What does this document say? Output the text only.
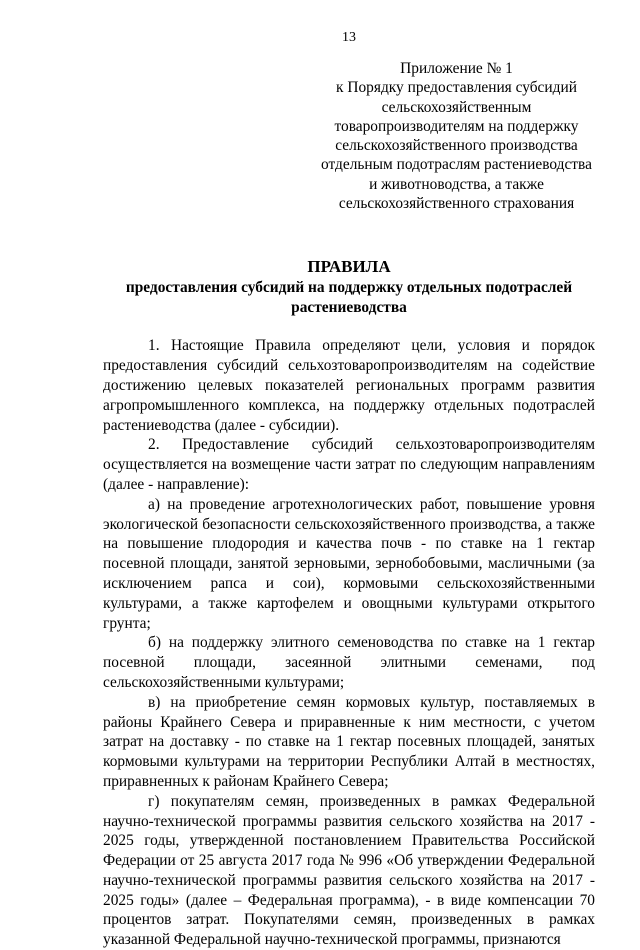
13
Приложение № 1
к Порядку предоставления субсидий
сельскохозяйственным
товаропроизводителям на поддержку
сельскохозяйственного производства
отдельным подотраслям растениеводства
и животноводства, а также
сельскохозяйственного страхования
ПРАВИЛА
предоставления субсидий на поддержку отдельных подотраслей растениеводства

1. Настоящие Правила определяют цели, условия и порядок предоставления субсидий сельхозтоваропроизводителям на содействие достижению целевых показателей региональных программ развития агропромышленного комплекса, на поддержку отдельных подотраслей растениеводства (далее - субсидии).

2. Предоставление субсидий сельхозтоваропроизводителям осуществляется на возмещение части затрат по следующим направлениям (далее - направление):

а) на проведение агротехнологических работ, повышение уровня экологической безопасности сельскохозяйственного производства, а также на повышение плодородия и качества почв - по ставке на 1 гектар посевной площади, занятой зерновыми, зернобобовыми, масличными (за исключением рапса и сои), кормовыми сельскохозяйственными культурами, а также картофелем и овощными культурами открытого грунта;

б) на поддержку элитного семеноводства по ставке на 1 гектар посевной площади, засеянной элитными семенами, под сельскохозяйственными культурами;

в) на приобретение семян кормовых культур, поставляемых в районы Крайнего Севера и приравненные к ним местности, с учетом затрат на доставку - по ставке на 1 гектар посевных площадей, занятых кормовыми культурами на территории Республики Алтай в местностях, приравненных к районам Крайнего Севера;

г) покупателям семян, произведенных в рамках Федеральной научно-технической программы развития сельского хозяйства на 2017 - 2025 годы, утвержденной постановлением Правительства Российской Федерации от 25 августа 2017 года № 996 «Об утверждении Федеральной научно-технической программы развития сельского хозяйства на 2017 - 2025 годы» (далее – Федеральная программа), - в виде компенсации 70 процентов затрат. Покупателями семян, произведенных в рамках указанной Федеральной научно-технической программы, признаются
